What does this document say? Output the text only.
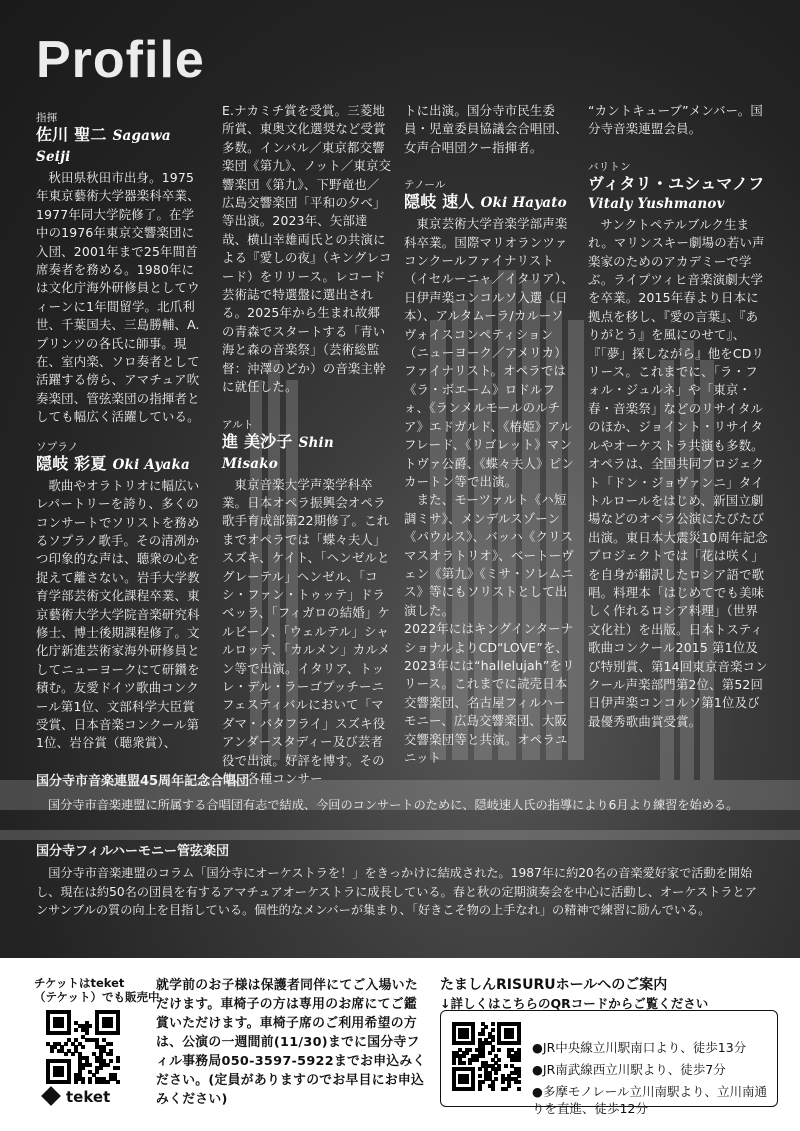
Profile
指揮
佐川 聖二 Sagawa Seiji

秋田県秋田市出身。1975年東京藝術大学器楽科卒業、1977年同大学院修了。在学中の1976年東京交響楽団に入団、2001年まで25年間首席奏者を務める。1980年には文化庁海外研修員としてウィーンに1年間留学。北爪利世、千葉国夫、三島勝輔、A.プリンツの各氏に師事。現在、室内楽、ソロ奏者として活躍する傍ら、アマチュア吹奏楽団、管弦楽団の指揮者としても幅広く活躍している。

ソプラノ
隠岐 彩夏 Oki Ayaka

歌曲やオラトリオに幅広いレパートリーを誇り、多くのコンサートでソリストを務めるソプラノ歌手。その清冽かつ印象的な声は、聴衆の心を捉えて離さない。岩手大学教育学部芸術文化課程卒業、東京藝術大学大学院音楽研究科修士、博士後期課程修了。文化庁新進芸術家海外研修員としてニューヨークにて研鑽を積む。友愛ドイツ歌曲コンクール第1位、文部科学大臣賞受賞、日本音楽コンクール第1位、岩谷賞（聴衆賞）、

E.ナカミチ賞を受賞。三菱地所賞、東奥文化選奨など受賞多数。インバル／東京都交響楽団《第九》、ノット／東京交響楽団《第九》、下野竜也／広島交響楽団「平和の夕べ」等出演。2023年、矢部達哉、横山幸雄両氏との共演による『愛しの夜』（キングレコード）をリリース。レコード芸術誌で特選盤に選出される。2025年から生まれ故郷の青森でスタートする「青い海と森の音楽祭」（芸術総監督：沖澤のどか）の音楽主幹に就任した。

アルト
進 美沙子 Shin Misako

東京音楽大学声楽学科卒業。日本オペラ振興会オペラ歌手育成部第22期修了。これまでオペラでは「蝶々夫人」スズキ、ケイト、「ヘンゼルとグレーテル」ヘンゼル、「コシ・ファン・トゥッテ」ドラベッラ、「フィガロの結婚」ケルビーノ、「ウェルテル」シャルロッテ、「カルメン」カルメン等で出演。イタリア、トッレ・デル・ラーゴプッチーニフェスティバルにおいて「マダマ・バタフライ」スズキ役アンダースタディー及び芸者役で出演。好評を博す。その他、各種コンサー

トに出演。国分寺市民生委員・児童委員協議会合唱団、女声合唱団クー指揮者。

テノール
隠岐 速人 Oki Hayato

東京芸術大学音楽学部声楽科卒業。国際マリオランツァコンクールファイナリスト（イセルーニャ／イタリア）、日伊声楽コンコルソ入選（日本）、アルタムーラ/カルーソヴォイスコンペティション（ニューヨーク／アメリカ）ファイナリスト。オペラでは《ラ・ボエーム》ロドルフォ、《ランメルモールのルチア》エドガルド、《椿姫》アルフレード、《リゴレット》マントヴァ公爵、《蝶々夫人》ピンカートン等で出演。
　また、モーツァルト《ハ短調ミサ》、メンデルスゾーン《パウルス》、バッハ《クリスマスオラトリオ》、ベートーヴェン《第九》《ミサ・ソレムニス》等にもソリストとして出演した。
2022年にはキングインターナショナルよりCD“LOVE”を、2023年には“hallelujah”をリリース。これまでに読売日本交響楽団、名古屋フィルハーモニー、広島交響楽団、大阪交響楽団等と共演。オペラユニット

“カントキューブ”メンバー。国分寺音楽連盟会員。

バリトン
ヴィタリ・ユシュマノフ
Vitaly Yushmanov

サンクトペテルブルク生まれ。マリンスキー劇場の若い声楽家のためのアカデミーで学ぶ。ライプツィヒ音楽演劇大学を卒業。2015年春より日本に拠点を移し、『愛の言葉』、『ありがとう』を風にのせて』、『「夢」探しながら』他をCDリリース。これまでに、「ラ・フォル・ジュルネ」や「東京・春・音楽祭」などのリサイタルのほか、ジョイント・リサイタルやオーケストラ共演も多数。オペラは、全国共同プロジェクト「ドン・ジョヴァンニ」タイトルロールをはじめ、新国立劇場などのオペラ公演にたびたび出演。東日本大震災10周年記念プロジェクトでは「花は咲く」を自身が翻訳したロシア語で歌唱。料理本「はじめてでも美味しく作れるロシア料理」（世界文化社）を出版。日本トスティ歌曲コンクール2015 第1位及び特別賞、第14回東京音楽コンクール声楽部門第2位、第52回日伊声楽コンコルソ第1位及び最優秀歌曲賞受賞。

国分寺市音楽連盟45周年記念合唱団
国分寺市音楽連盟に所属する合唱団有志で結成、今回のコンサートのために、隠岐速人氏の指導により6月より練習を始める。
国分寺フィルハーモニー管弦楽団
国分寺市音楽連盟のコラム「国分寺にオーケストラを！」をきっかけに結成された。1987年に約20名の音楽愛好家で活動を開始し、現在は約50名の団員を有するアマチュアオーケストラに成長している。春と秋の定期演奏会を中心に活動し、オーケストラとアンサンブルの質の向上を目指している。個性的なメンバーが集まり、「好きこそ物の上手なれ」の精神で練習に励んでいる。
チケットはteket
（テケット）でも販売中
teket
就学前のお子様は保護者同伴にてご入場いただけます。車椅子の方は専用のお席にてご鑑賞いただけます。車椅子席のご利用希望の方は、公演の一週間前(11/30)までに国分寺フィル事務局050-3597-5922までお申込みください。(定員がありますのでお早目にお申込みください)
たましんRISURUホールへのご案内
↓詳しくはこちらのQRコードからご覧ください

●JR中央線立川駅南口より、徒歩13分

●JR南武線西立川駅より、徒歩7分

●多摩モノレール立川南駅より、立川南通りを直進、徒歩12分
